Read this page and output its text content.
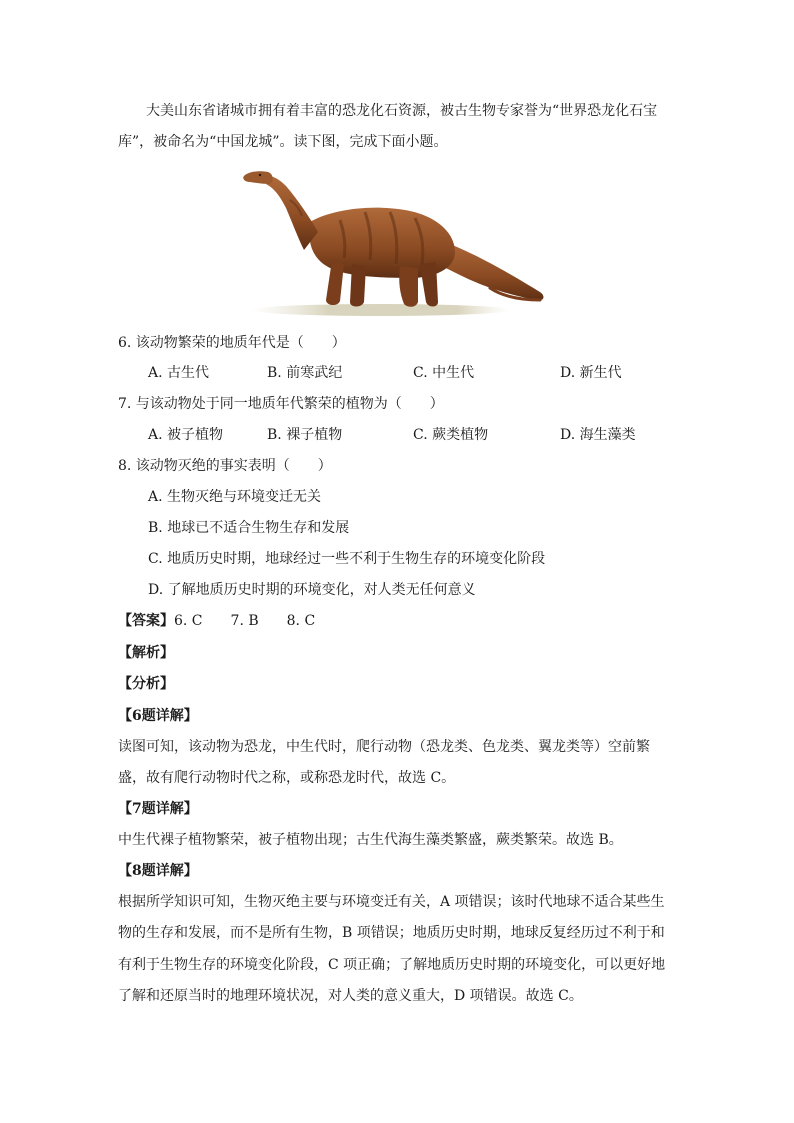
大美山东省诸城市拥有着丰富的恐龙化石资源，被古生物专家誉为“世界恐龙化石宝
库”，被命名为“中国龙城”。读下图，完成下面小题。
6. 该动物繁荣的地质年代是（　　）
A. 古生代	B. 前寒武纪	C. 中生代	D. 新生代
7. 与该动物处于同一地质年代繁荣的植物为（　　）
A. 被子植物	B. 裸子植物	C. 蕨类植物	D. 海生藻类
8. 该动物灭绝的事实表明（　　）
A. 生物灭绝与环境变迁无关
B. 地球已不适合生物生存和发展
C. 地质历史时期，地球经过一些不利于生物生存的环境变化阶段
D. 了解地质历史时期的环境变化，对人类无任何意义
【答案】6. C 7. B 8. C
【解析】
【分析】
【6题详解】
读图可知，该动物为恐龙，中生代时，爬行动物（恐龙类、色龙类、翼龙类等）空前繁
盛，故有爬行动物时代之称，或称恐龙时代，故选 C。
【7题详解】
中生代裸子植物繁荣，被子植物出现；古生代海生藻类繁盛，蕨类繁荣。故选 B。
【8题详解】
根据所学知识可知，生物灭绝主要与环境变迁有关，A 项错误；该时代地球不适合某些生
物的生存和发展，而不是所有生物，B 项错误；地质历史时期，地球反复经历过不利于和
有利于生物生存的环境变化阶段，C 项正确；了解地质历史时期的环境变化，可以更好地
了解和还原当时的地理环境状况，对人类的意义重大，D 项错误。故选 C。
